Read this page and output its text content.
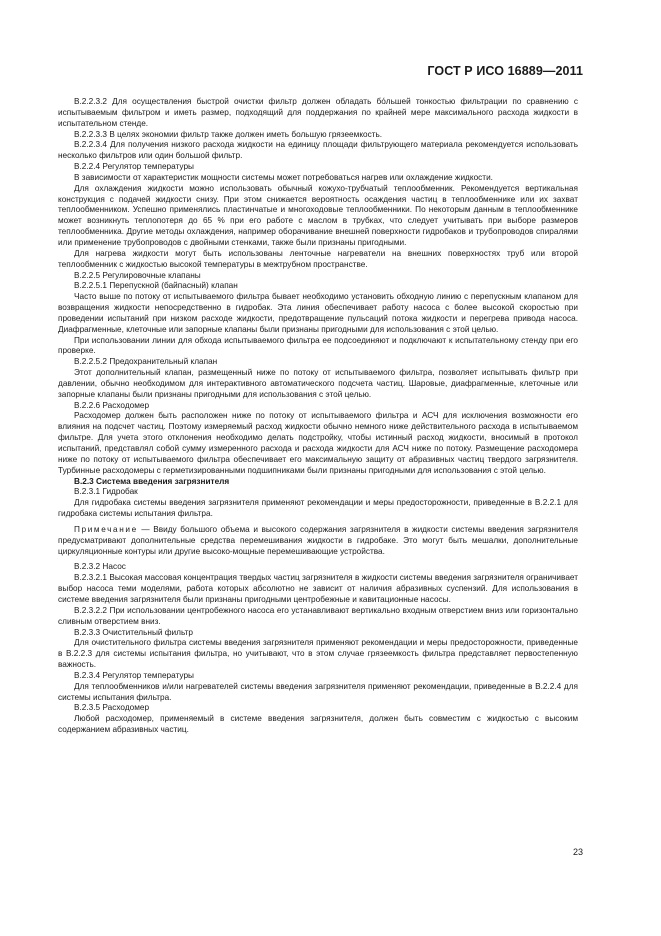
ГОСТ Р ИСО 16889—2011

В.2.2.3.2 Для осуществления быстрой очистки фильтр должен обладать бо́льшей тонкостью фильтрации по сравнению с испытываемым фильтром и иметь размер, подходящий для поддержания по крайней мере максимального расхода жидкости в испытательном стенде.

В.2.2.3.3 В целях экономии фильтр также должен иметь большую грязеемкость.

В.2.2.3.4 Для получения низкого расхода жидкости на единицу площади фильтрующего материала рекомендуется использовать несколько фильтров или один большой фильтр.

В.2.2.4 Регулятор температуры

В зависимости от характеристик мощности системы может потребоваться нагрев или охлаждение жидкости.

Для охлаждения жидкости можно использовать обычный кожухо-трубчатый теплообменник. Рекомендуется вертикальная конструкция с подачей жидкости снизу. При этом снижается вероятность осаждения частиц в теплообменнике или их захват теплообменником. Успешно применялись пластинчатые и многоходовые теплообменники. По некоторым данным в теплообменнике может возникнуть теплопотеря до 65 % при его работе с маслом в трубках, что следует учитывать при выборе размеров теплообменника. Другие методы охлаждения, например оборачивание внешней поверхности гидробаков и трубопроводов спиралями или применение трубопроводов с двойными стенками, также были признаны пригодными.

Для нагрева жидкости могут быть использованы ленточные нагреватели на внешних поверхностях труб или второй теплообменник с жидкостью высокой температуры в межтрубном пространстве.

В.2.2.5 Регулировочные клапаны

В.2.2.5.1 Перепускной (байпасный) клапан

Часто выше по потоку от испытываемого фильтра бывает необходимо установить обходную линию с перепускным клапаном для возвращения жидкости непосредственно в гидробак. Эта линия обеспечивает работу насоса с более высокой скоростью при проведении испытаний при низком расходе жидкости, предотвращение пульсаций потока жидкости и перегрева привода насоса. Диафрагменные, клеточные или запорные клапаны были признаны пригодными для использования с этой целью.

При использовании линии для обхода испытываемого фильтра ее подсоединяют и подключают к испытательному стенду при его проверке.

В.2.2.5.2 Предохранительный клапан

Этот дополнительный клапан, размещенный ниже по потоку от испытываемого фильтра, позволяет испытывать фильтр при давлении, обычно необходимом для интерактивного автоматического подсчета частиц. Шаровые, диафрагменные, клеточные или запорные клапаны были признаны пригодными для использования с этой целью.

В.2.2.6 Расходомер

Расходомер должен быть расположен ниже по потоку от испытываемого фильтра и АСЧ для исключения возможности его влияния на подсчет частиц. Поэтому измеряемый расход жидкости обычно немного ниже действительного расхода в испытываемом фильтре. Для учета этого отклонения необходимо делать подстройку, чтобы истинный расход жидкости, вносимый в протокол испытаний, представлял собой сумму измеренного расхода и расхода жидкости для АСЧ ниже по потоку. Размещение расходомера ниже по потоку от испытываемого фильтра обеспечивает его максимальную защиту от абразивных частиц твердого загрязнителя. Турбинные расходомеры с герметизированными подшипниками были признаны пригодными для использования с этой целью.

В.2.3 Система введения загрязнителя

В.2.3.1 Гидробак

Для гидробака системы введения загрязнителя применяют рекомендации и меры предосторожности, приведенные в В.2.2.1 для гидробака системы испытания фильтра.

Примечание — Ввиду большого объема и высокого содержания загрязнителя в жидкости системы введения загрязнителя предусматривают дополнительные средства перемешивания жидкости в гидробаке. Это могут быть мешалки, дополнительные циркуляционные контуры или другие высоко-мощные перемешивающие устройства.

В.2.3.2 Насос

В.2.3.2.1 Высокая массовая концентрация твердых частиц загрязнителя в жидкости системы введения загрязнителя ограничивает выбор насоса теми моделями, работа которых абсолютно не зависит от наличия абразивных суспензий. Для использования в системе введения загрязнителя были признаны пригодными центробежные и кавитационные насосы.

В.2.3.2.2 При использовании центробежного насоса его устанавливают вертикально входным отверстием вниз или горизонтально сливным отверстием вниз.

В.2.3.3 Очистительный фильтр

Для очистительного фильтра системы введения загрязнителя применяют рекомендации и меры предосторожности, приведенные в В.2.2.3 для системы испытания фильтра, но учитывают, что в этом случае грязеемкость фильтра представляет первостепенную важность.

В.2.3.4 Регулятор температуры

Для теплообменников и/или нагревателей системы введения загрязнителя применяют рекомендации, приведенные в В.2.2.4 для системы испытания фильтра.

В.2.3.5 Расходомер

Любой расходомер, применяемый в системе введения загрязнителя, должен быть совместим с жидкостью с высоким содержанием абразивных частиц.

23
